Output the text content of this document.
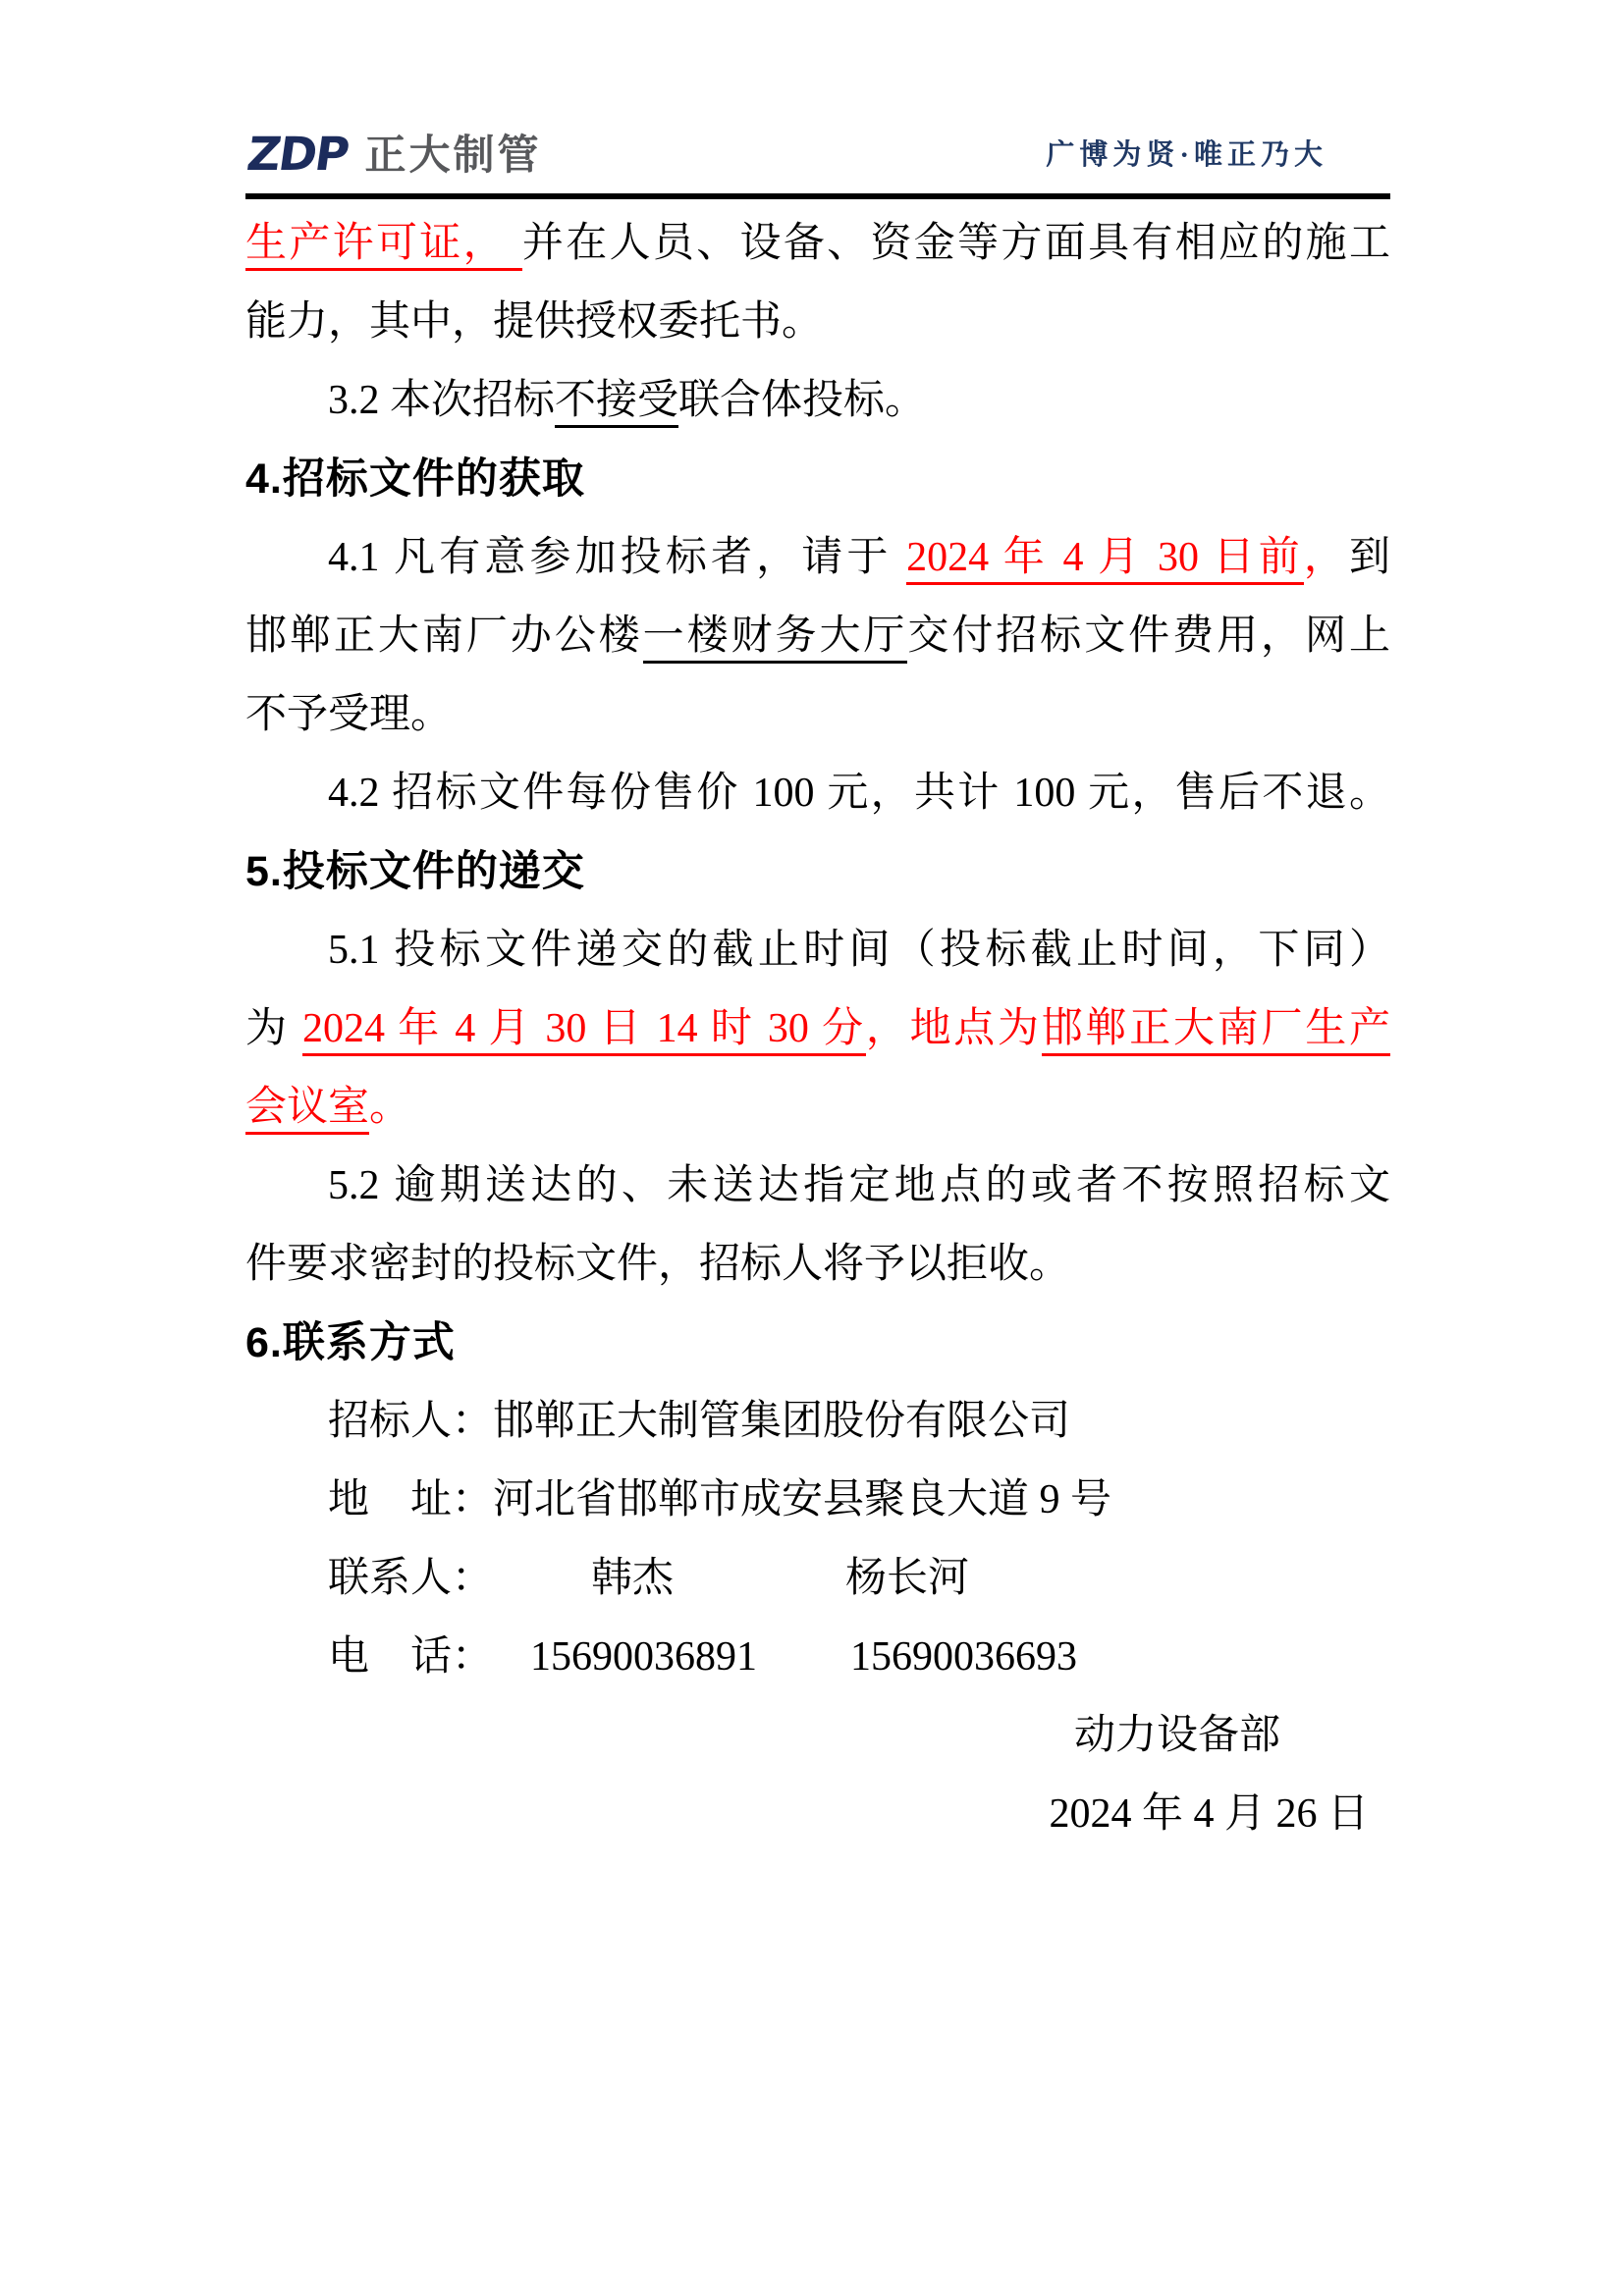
ZDP 正大制管	广博为贤·唯正乃大
生产许可证， 并在人员、设备、资金等方面具有相应的施工
能力，其中，提供授权委托书。
3.2 本次招标不接受联合体投标。
4.招标文件的获取
4.1 凡有意参加投标者，请于 2024 年 4 月 30 日前，到
邯郸正大南厂办公楼一楼财务大厅交付招标文件费用，网上
不予受理。
4.2 招标文件每份售价 100 元，共计 100 元，售后不退。
5.投标文件的递交
5.1 投标文件递交的截止时间（投标截止时间，下同）
为 2024 年 4 月 30 日 14 时 30 分，地点为邯郸正大南厂生产
会议室。
5.2 逾期送达的、未送达指定地点的或者不按照招标文
件要求密封的投标文件，招标人将予以拒收。
6.联系方式
招标人：邯郸正大制管集团股份有限公司
地　址：河北省邯郸市成安县聚良大道 9 号
联系人： 韩杰	杨长河
电　话： 15690036891 15690036693
动力设备部
2024 年 4 月 26 日
